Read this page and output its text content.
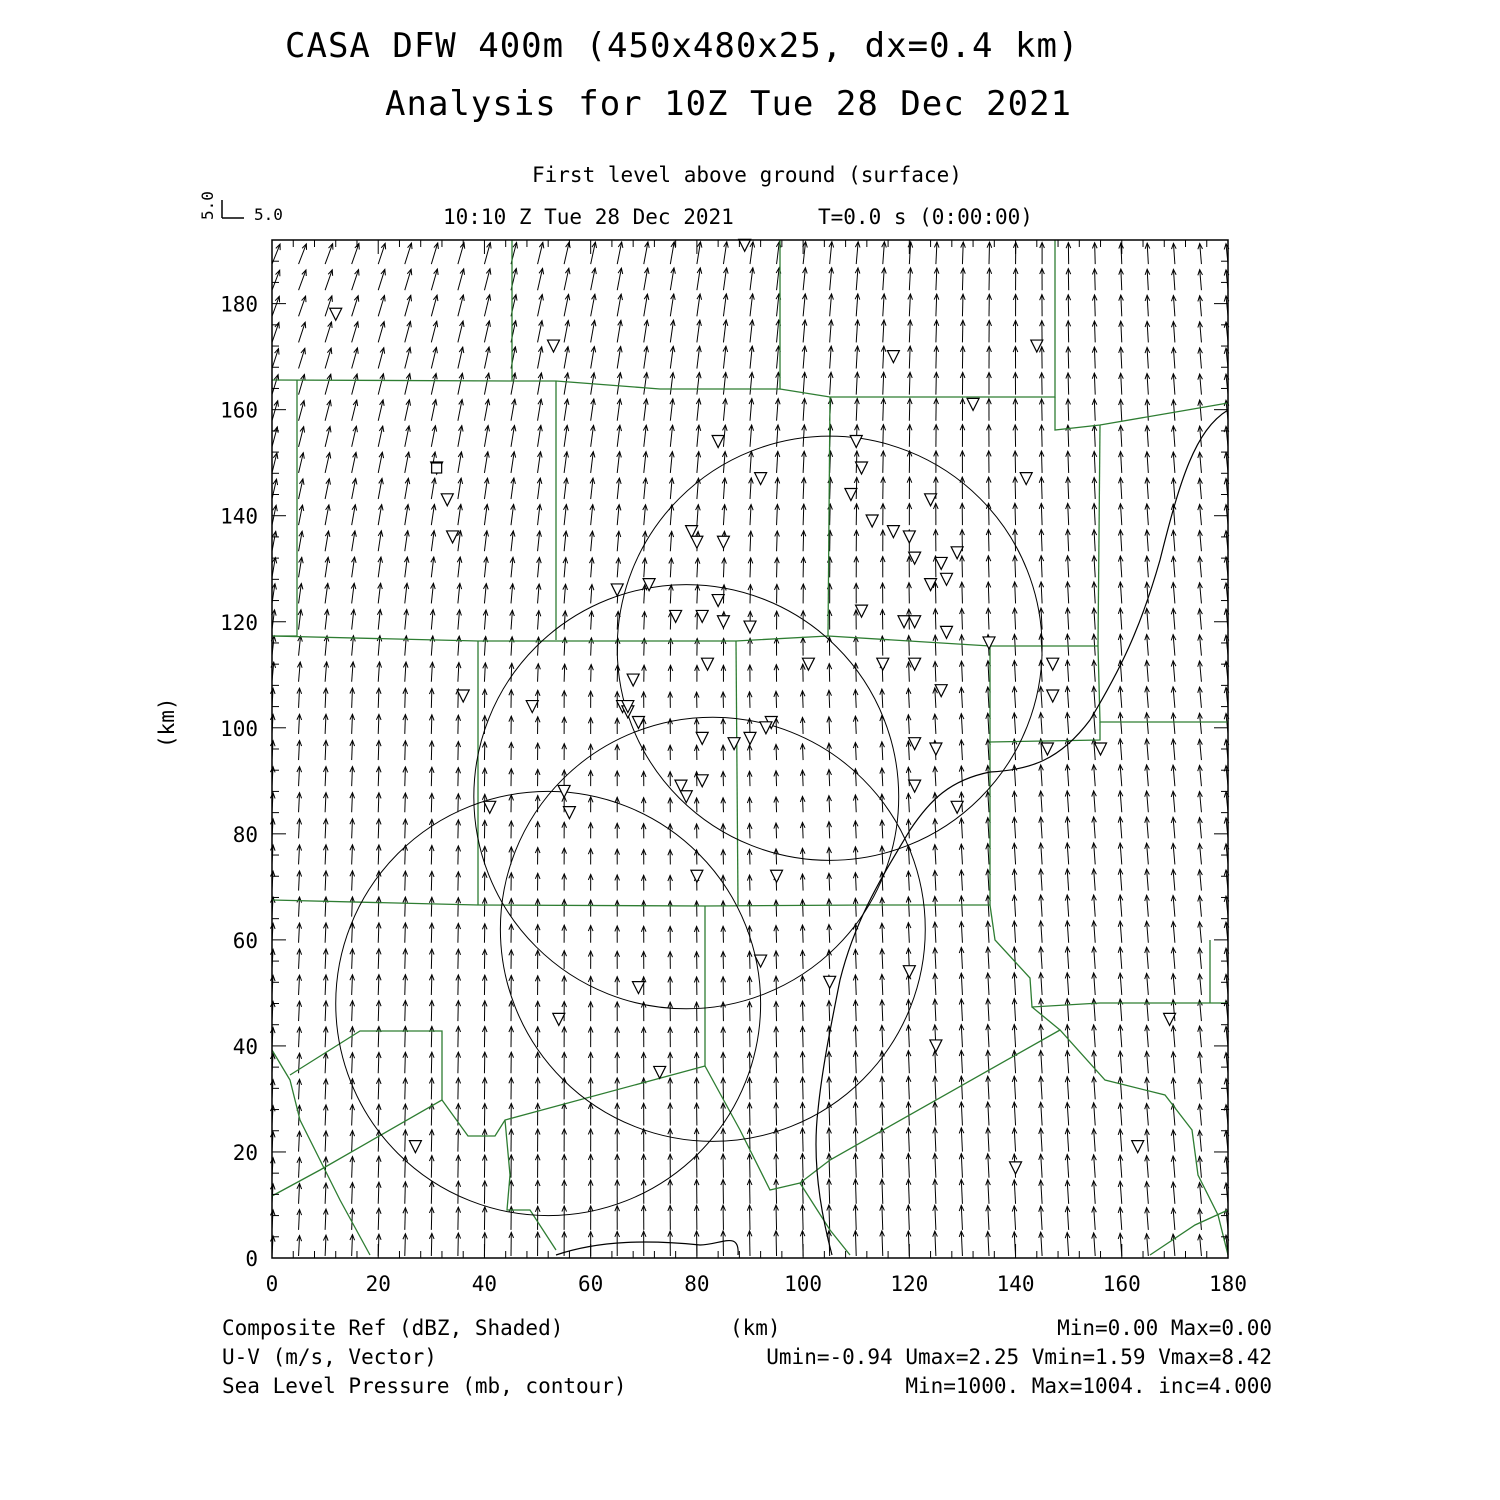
CASA DFW 400m (450x480x25, dx=0.4 km)
Analysis for 10Z Tue 28 Dec 2021
First level above ground (surface)
10:10 Z Tue 28 Dec 2021	T=0.0 s (0:00:00)
5.0
5.0
0	20	40	60	80	100	120	140	160	180
0
20
40
60
80
100
120
140
160
180
(km)
Composite Ref (dBZ, Shaded)
U-V (m/s, Vector)
Sea Level Pressure (mb, contour)
(km)	Min=0.00 Max=0.00
Umin=-0.94 Umax=2.25 Vmin=1.59 Vmax=8.42
Min=1000. Max=1004. inc=4.000
